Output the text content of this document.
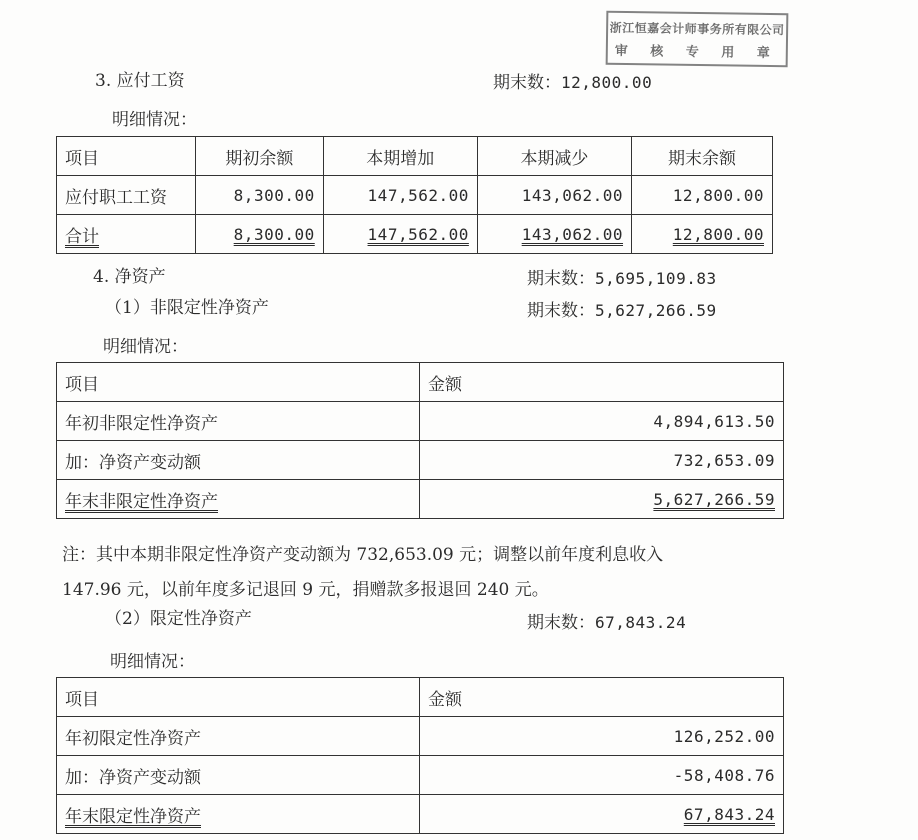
浙江恒嘉会计师事务所有限公司
审 核 专 用 章
3. 应付工资	期末数：12,800.00
明细情况：
项目	期初余额	本期增加	本期减少	期末余额
应付职工工资	8,300.00	147,562.00	143,062.00	12,800.00
合计	8,300.00	147,562.00	143,062.00	12,800.00
4. 净资产	期末数：5,695,109.83
（1）非限定性净资产	期末数：5,627,266.59
明细情况：
项目	金额
年初非限定性净资产	4,894,613.50
加：净资产变动额	732,653.09
年末非限定性净资产	5,627,266.59
注：其中本期非限定性净资产变动额为 732,653.09 元；调整以前年度利息收入
147.96 元，以前年度多记退回 9 元，捐赠款多报退回 240 元。
（2）限定性净资产	期末数：67,843.24
明细情况：
项目	金额
年初限定性净资产	126,252.00
加：净资产变动额	-58,408.76
年末限定性净资产	67,843.24
